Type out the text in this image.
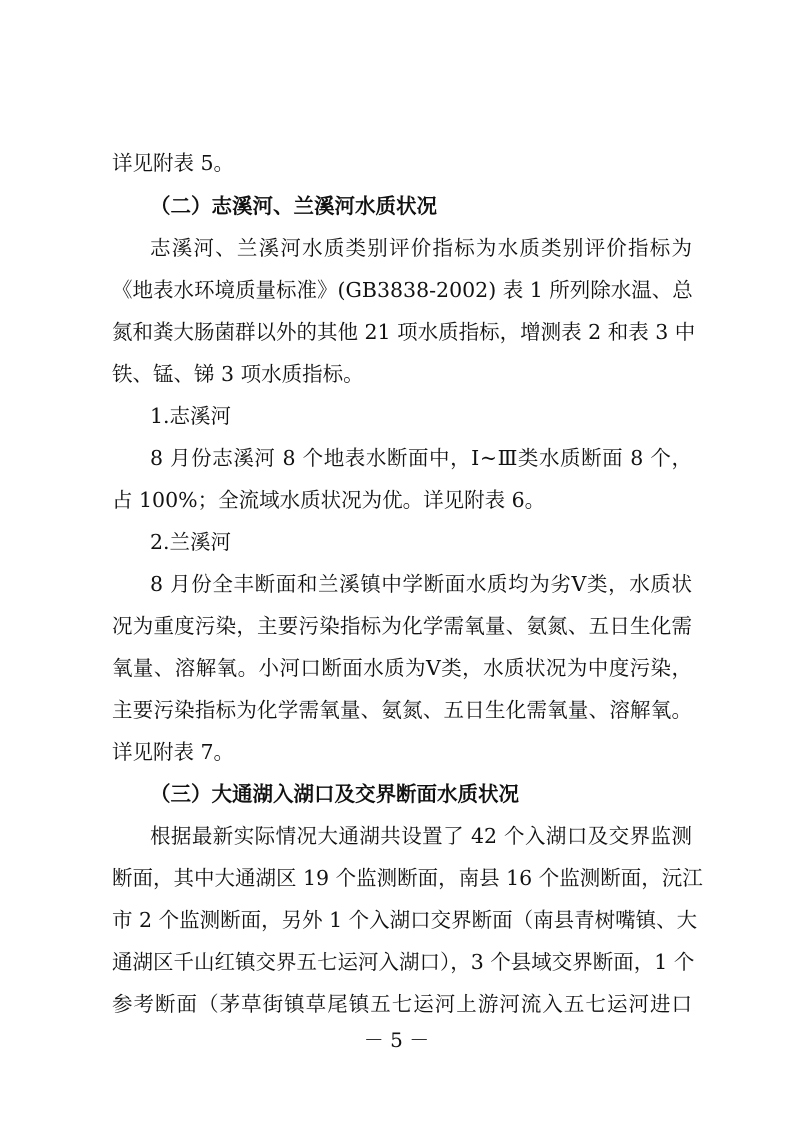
详见附表 5。
（二）志溪河、兰溪河水质状况
志溪河、兰溪河水质类别评价指标为水质类别评价指标为
《地表水环境质量标准》(GB3838-2002) 表 1 所列除水温、总
氮和粪大肠菌群以外的其他 21 项水质指标，增测表 2 和表 3 中
铁、锰、锑 3 项水质指标。
1.志溪河
8 月份志溪河 8 个地表水断面中，Ⅰ~Ⅲ类水质断面 8 个，
占 100%；全流域水质状况为优。详见附表 6。
2.兰溪河
8 月份全丰断面和兰溪镇中学断面水质均为劣Ⅴ类，水质状
况为重度污染，主要污染指标为化学需氧量、氨氮、五日生化需
氧量、溶解氧。小河口断面水质为Ⅴ类，水质状况为中度污染，
主要污染指标为化学需氧量、氨氮、五日生化需氧量、溶解氧。
详见附表 7。
（三）大通湖入湖口及交界断面水质状况
根据最新实际情况大通湖共设置了 42 个入湖口及交界监测
断面，其中大通湖区 19 个监测断面，南县 16 个监测断面，沅江
市 2 个监测断面，另外 1 个入湖口交界断面（南县青树嘴镇、大
通湖区千山红镇交界五七运河入湖口），3 个县域交界断面，1 个
参考断面（茅草街镇草尾镇五七运河上游河流入五七运河进口
－ 5 －
